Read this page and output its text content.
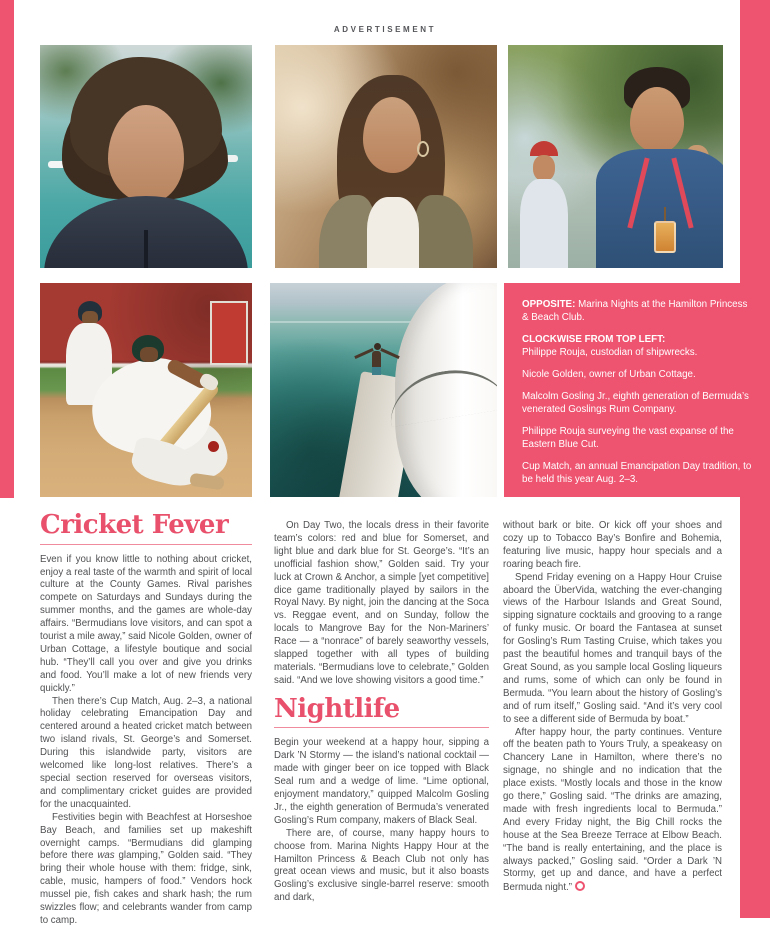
ADVERTISEMENT

OPPOSITE: Marina Nights at the Hamilton Princess & Beach Club.

CLOCKWISE FROM TOP LEFT:

Philippe Rouja, custodian of shipwrecks.

Nicole Golden, owner of Urban Cottage.

Malcolm Gosling Jr., eighth generation of Bermuda’s venerated Goslings Rum Company.

Philippe Rouja surveying the vast expanse of the Eastern Blue Cut.

Cup Match, an annual Emancipation Day tradition, to be held this year Aug. 2–3.

Cricket Fever

Even if you know little to nothing about cricket, enjoy a real taste of the warmth and spirit of local culture at the County Games. Rival parishes compete on Saturdays and Sundays during the summer months, and the games are whole-day affairs. “Bermudians love visitors, and can spot a tourist a mile away,” said Nicole Golden, owner of Urban Cottage, a lifestyle boutique and social hub. “They’ll call you over and give you drinks and food. You’ll make a lot of new friends very quickly.”

Then there’s Cup Match, Aug. 2–3, a national holiday celebrating Emancipation Day and centered around a heated cricket match between two island rivals, St. George’s and Somerset. During this islandwide party, visitors are welcomed like long-lost relatives. There’s a special section reserved for overseas visitors, and complimentary cricket guides are provided for the unacquainted.

Festivities begin with Beachfest at Horseshoe Bay Beach, and families set up makeshift overnight camps. “Bermudians did glamping before there was glamping,” Golden said. “They bring their whole house with them: fridge, sink, cable, music, hampers of food.” Vendors hock mussel pie, fish cakes and shark hash; the rum swizzles flow; and celebrants wander from camp to camp.

On Day Two, the locals dress in their favorite team’s colors: red and blue for Somerset, and light blue and dark blue for St. George’s. “It’s an unofficial fashion show,” Golden said. Try your luck at Crown & Anchor, a simple [yet competitive] dice game traditionally played by sailors in the Royal Navy. By night, join the dancing at the Soca vs. Reggae event, and on Sunday, follow the locals to Mangrove Bay for the Non-Mariners’ Race — a “nonrace” of barely seaworthy vessels, slapped together with all types of building materials. “Bermudians love to celebrate,” Golden said. “And we love showing visitors a good time.”

Nightlife

Begin your weekend at a happy hour, sipping a Dark ’N Stormy — the island’s national cocktail — made with ginger beer on ice topped with Black Seal rum and a wedge of lime. “Lime optional, enjoyment mandatory,” quipped Malcolm Gosling Jr., the eighth generation of Bermuda’s venerated Gosling’s Rum company, makers of Black Seal.

There are, of course, many happy hours to choose from. Marina Nights Happy Hour at the Hamilton Princess & Beach Club not only has great ocean views and music, but it also boasts Gosling’s exclusive single-barrel reserve: smooth and dark,

without bark or bite. Or kick off your shoes and cozy up to Tobacco Bay’s Bonfire and Bohemia, featuring live music, happy hour specials and a roaring beach fire.

Spend Friday evening on a Happy Hour Cruise aboard the ÜberVida, watching the ever-changing views of the Harbour Islands and Great Sound, sipping signature cocktails and grooving to a range of funky music. Or board the Fantasea at sunset for Gosling’s Rum Tasting Cruise, which takes you past the beautiful homes and tranquil bays of the Great Sound, as you sample local Gosling liqueurs and rums, some of which can only be found in Bermuda. “You learn about the history of Gosling’s and of rum itself,” Gosling said. “And it’s very cool to see a different side of Bermuda by boat.”

After happy hour, the party continues. Venture off the beaten path to Yours Truly, a speakeasy on Chancery Lane in Hamilton, where there’s no signage, no shingle and no indication that the place exists. “Mostly locals and those in the know go there,” Gosling said. “The drinks are amazing, made with fresh ingredients local to Bermuda.” And every Friday night, the Big Chill rocks the house at the Sea Breeze Terrace at Elbow Beach. “The band is really entertaining, and the place is always packed,” Gosling said. “Order a Dark ’N Stormy, get up and dance, and have a perfect Bermuda night.”
